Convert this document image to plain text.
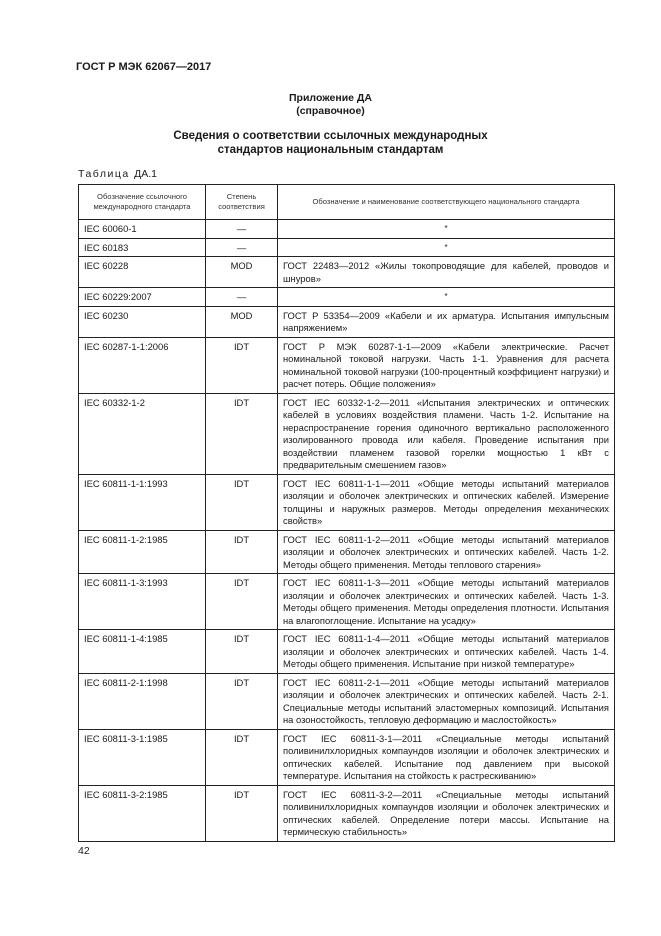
ГОСТ Р МЭК 62067—2017
Приложение ДА
(справочное)
Сведения о соответствии ссылочных международных
стандартов национальным стандартам
Таблица ДА.1
Обозначение ссылочного международного стандарта	Степень соответствия	Обозначение и наименование соответствующего национального стандарта
IEC 60060-1	—	*
IEC 60183	—	*
IEC 60228	MOD	ГОСТ 22483—2012 «Жилы токопроводящие для кабелей, проводов и шнуров»
IEC 60229:2007	—	*
IEC 60230	MOD	ГОСТ Р 53354—2009 «Кабели и их арматура. Испытания импульсным напряжением»
IEC 60287-1-1:2006	IDT	ГОСТ Р МЭК 60287-1-1—2009 «Кабели электрические. Расчет номинальной токовой нагрузки. Часть 1-1. Уравнения для расчета номинальной токовой нагрузки (100-процентный коэффициент нагрузки) и расчет потерь. Общие положения»
IEC 60332-1-2	IDT	ГОСТ IEC 60332-1-2—2011 «Испытания электрических и оптических кабелей в условиях воздействия пламени. Часть 1-2. Испытание на нераспространение горения одиночного вертикально расположенного изолированного провода или кабеля. Проведение испытания при воздействии пламенем газовой горелки мощностью 1 кВт с предварительным смешением газов»
IEC 60811-1-1:1993	IDT	ГОСТ IEC 60811-1-1—2011 «Общие методы испытаний материалов изоляции и оболочек электрических и оптических кабелей. Измерение толщины и наружных размеров. Методы определения механических свойств»
IEC 60811-1-2:1985	IDT	ГОСТ IEC 60811-1-2—2011 «Общие методы испытаний материалов изоляции и оболочек электрических и оптических кабелей. Часть 1-2. Методы общего применения. Методы теплового старения»
IEC 60811-1-3:1993	IDT	ГОСТ IEC 60811-1-3—2011 «Общие методы испытаний материалов изоляции и оболочек электрических и оптических кабелей. Часть 1-3. Методы общего применения. Методы определения плотности. Испытания на влагопоглощение. Испытание на усадку»
IEC 60811-1-4:1985	IDT	ГОСТ IEC 60811-1-4—2011 «Общие методы испытаний материалов изоляции и оболочек электрических и оптических кабелей. Часть 1-4. Методы общего применения. Испытание при низкой температуре»
IEC 60811-2-1:1998	IDT	ГОСТ IEC 60811-2-1—2011 «Общие методы испытаний материалов изоляции и оболочек электрических и оптических кабелей. Часть 2-1. Специальные методы испытаний эластомерных композиций. Испытания на озоностойкость, тепловую деформацию и маслостойкость»
IEC 60811-3-1:1985	IDT	ГОСТ IEC 60811-3-1—2011 «Специальные методы испытаний поливинилхлоридных компаундов изоляции и оболочек электрических и оптических кабелей. Испытание под давлением при высокой температуре. Испытания на стойкость к растрескиванию»
IEC 60811-3-2:1985	IDT	ГОСТ IEC 60811-3-2—2011 «Специальные методы испытаний поливинилхлоридных компаундов изоляции и оболочек электрических и оптических кабелей. Определение потери массы. Испытание на термическую стабильность»
42
